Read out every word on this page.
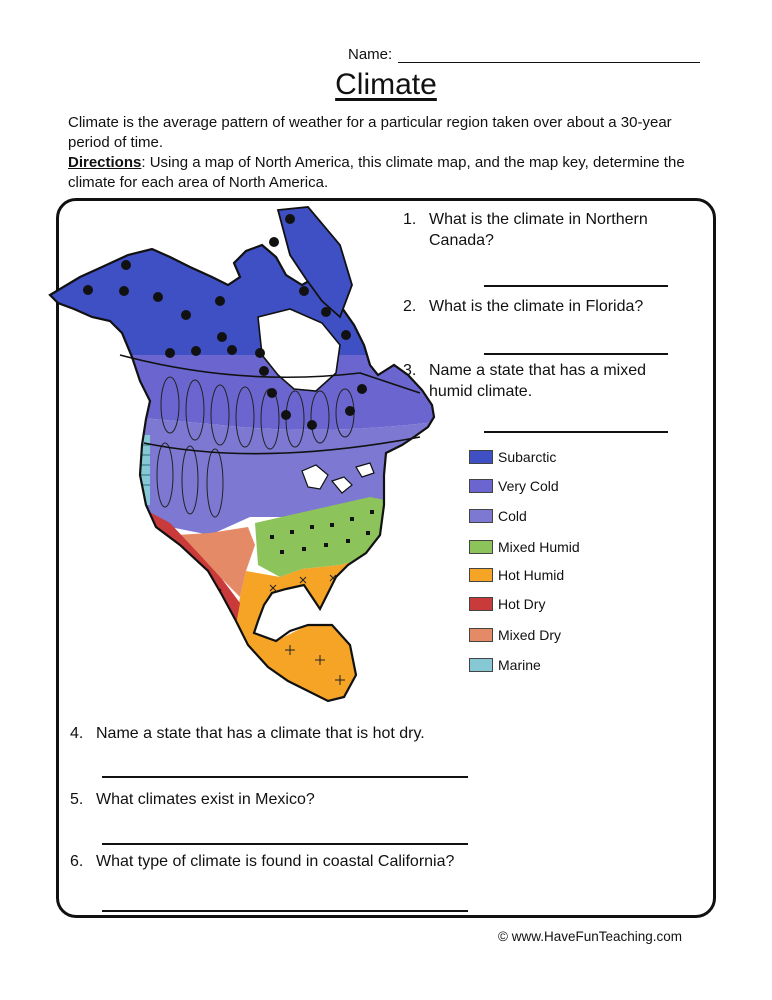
Name:
Climate
Climate is the average pattern of weather for a particular region taken over about a 30-year period of time.
Directions: Using a map of North America, this climate map, and the map key, determine the climate for each area of North America.
1. What is the climate in Northern
Canada?
2. What is the climate in Florida?
3. Name a state that has a mixed
humid climate.
Subarctic
Very Cold
Cold
Mixed Humid
Hot Humid
Hot Dry
Mixed Dry
Marine
4. Name a state that has a climate that is hot dry.
5. What climates exist in Mexico?
6. What type of climate is found in coastal California?
© www.HaveFunTeaching.com
